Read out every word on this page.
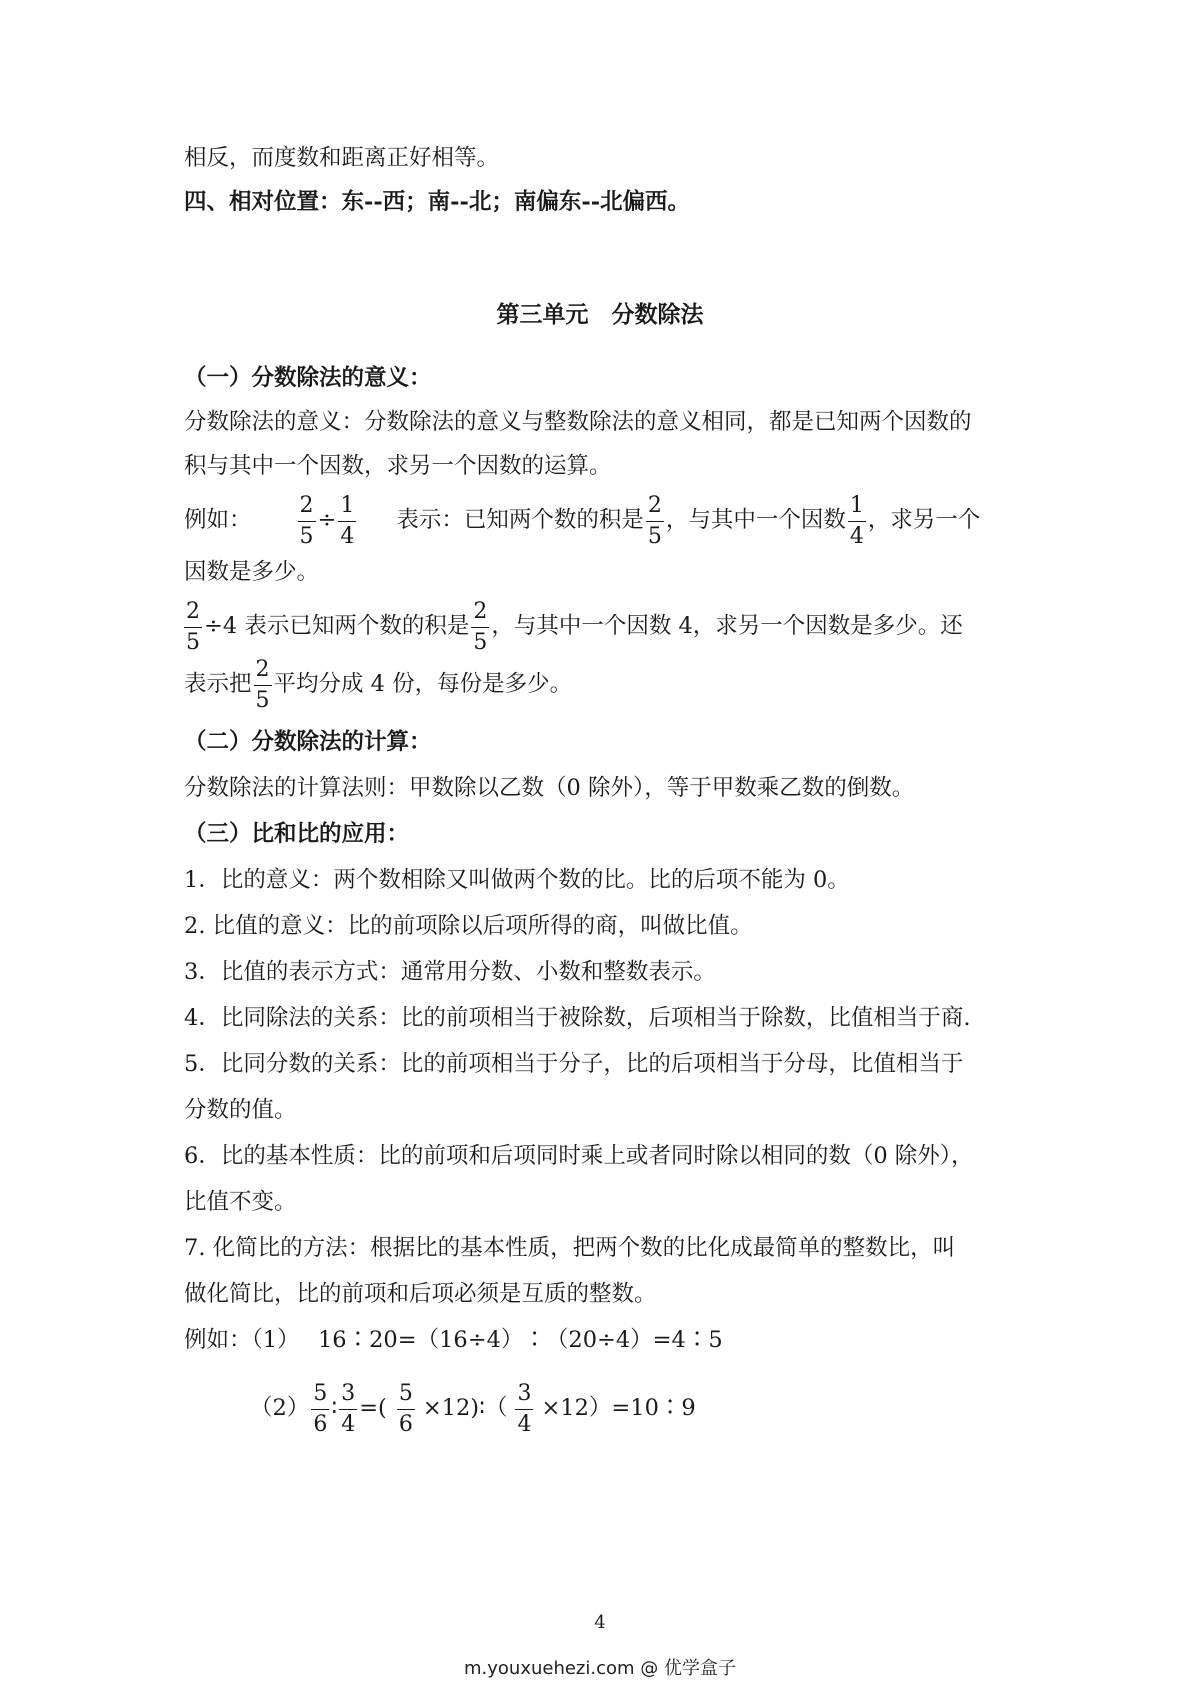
相反，而度数和距离正好相等。
四、相对位置：东--西；南--北；南偏东--北偏西。
第三单元　分数除法
（一）分数除法的意义：
分数除法的意义：分数除法的意义与整数除法的意义相同，都是已知两个因数的
积与其中一个因数，求另一个因数的运算。
例如： $\frac{2}{5} \div \frac{1}{4}$ 表示：已知两个数的积是 $\frac{2}{5}$ ，与其中一个因数 $\frac{1}{4}$ ，求另一个
因数是多少。
$\frac{2}{5} \div 4$ 表示已知两个数的积是 $\frac{2}{5}$ ，与其中一个因数 4，求另一个因数是多少。还
表示把 $\frac{2}{5}$ 平均分成 4 份，每份是多少。
（二）分数除法的计算：
分数除法的计算法则：甲数除以乙数（0 除外），等于甲数乘乙数的倒数。
（三）比和比的应用：
1．比的意义：两个数相除又叫做两个数的比。比的后项不能为 0。
2. 比值的意义：比的前项除以后项所得的商，叫做比值。
3．比值的表示方式：通常用分数、小数和整数表示。
4．比同除法的关系：比的前项相当于被除数，后项相当于除数，比值相当于商.
5．比同分数的关系：比的前项相当于分子，比的后项相当于分母，比值相当于
分数的值。
6．比的基本性质：比的前项和后项同时乘上或者同时除以相同的数（0 除外），
比值不变。
7. 化简比的方法：根据比的基本性质，把两个数的比化成最简单的整数比，叫
做化简比，比的前项和后项必须是互质的整数。
例如：（1）　 16∶20=（16÷4）∶（20÷4）=4∶5
$(2) \frac{5}{6}$ ∶ $\frac{3}{4}$ =( $\frac{5}{6}$ ×12)∶（ $\frac{3}{4}$ ×12）=10∶9
4
m.youxuehezi.com @ 优学盒子
